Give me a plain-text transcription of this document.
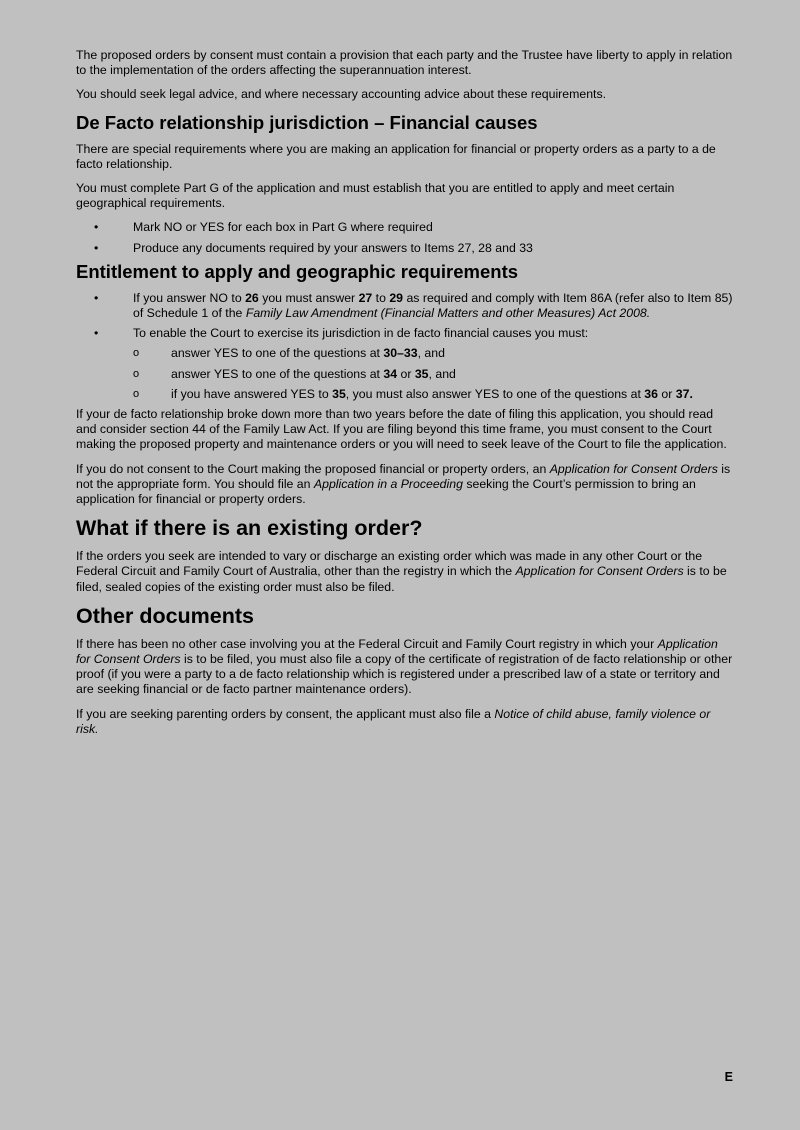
The proposed orders by consent must contain a provision that each party and the Trustee have liberty to apply in relation to the implementation of the orders affecting the superannuation interest.

You should seek legal advice, and where necessary accounting advice about these requirements.

De Facto relationship jurisdiction – Financial causes

There are special requirements where you are making an application for financial or property orders as a party to a de facto relationship.

You must complete Part G of the application and must establish that you are entitled to apply and meet certain geographical requirements.

•	Mark NO or YES for each box in Part G where required
•	Produce any documents required by your answers to Items 27, 28 and 33
Entitlement to apply and geographic requirements
•	If you answer NO to 26 you must answer 27 to 29 as required and comply with Item 86A (refer also to Item 85) of Schedule 1 of the Family Law Amendment (Financial Matters and other Measures) Act 2008.
•	To enable the Court to exercise its jurisdiction in de facto financial causes you must:
o	answer YES to one of the questions at 30–33, and
o	answer YES to one of the questions at 34 or 35, and
o	if you have answered YES to 35, you must also answer YES to one of the questions at 36 or 37.

If your de facto relationship broke down more than two years before the date of filing this application, you should read and consider section 44 of the Family Law Act. If you are filing beyond this time frame, you must consent to the Court making the proposed property and maintenance orders or you will need to seek leave of the Court to file the application.

If you do not consent to the Court making the proposed financial or property orders, an Application for Consent Orders is not the appropriate form. You should file an Application in a Proceeding seeking the Court’s permission to bring an application for financial or property orders.

What if there is an existing order?

If the orders you seek are intended to vary or discharge an existing order which was made in any other Court or the Federal Circuit and Family Court of Australia, other than the registry in which the Application for Consent Orders is to be filed, sealed copies of the existing order must also be filed.

Other documents

If there has been no other case involving you at the Federal Circuit and Family Court registry in which your Application for Consent Orders is to be filed, you must also file a copy of the certificate of registration of de facto relationship or other proof (if you were a party to a de facto relationship which is registered under a prescribed law of a state or territory and are seeking financial or de facto partner maintenance orders).

If you are seeking parenting orders by consent, the applicant must also file a Notice of child abuse, family violence or risk.

E
